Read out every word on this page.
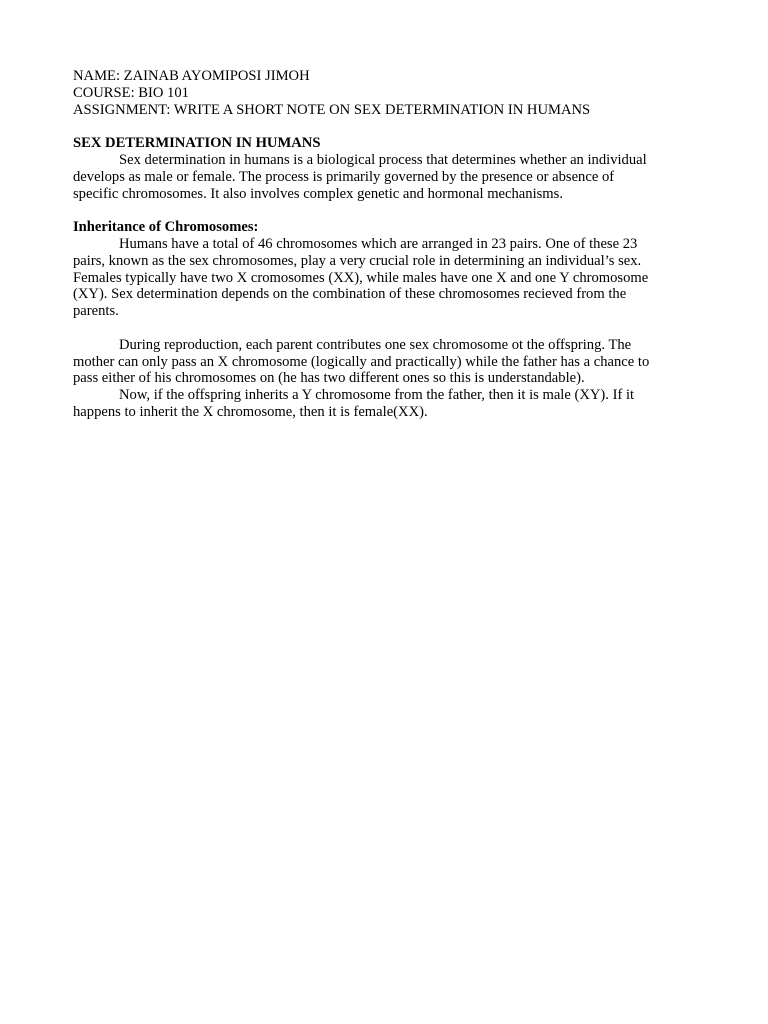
NAME: ZAINAB AYOMIPOSI JIMOH
COURSE: BIO 101
ASSIGNMENT: WRITE A SHORT NOTE ON SEX DETERMINATION IN HUMANS
SEX DETERMINATION IN HUMANS
Sex determination in humans is a biological process that determines whether an individual
develops as male or female. The process is primarily governed by the presence or absence of
specific chromosomes. It also involves complex genetic and hormonal mechanisms.
Inheritance of Chromosomes:
Humans have a total of 46 chromosomes which are arranged in 23 pairs. One of these 23
pairs, known as the sex chromosomes, play a very crucial role in determining an individual’s sex.
Females typically have two X cromosomes (XX), while males have one X and one Y chromosome
(XY). Sex determination depends on the combination of these chromosomes recieved from the
parents.
During reproduction, each parent contributes one sex chromosome ot the offspring. The
mother can only pass an X chromosome (logically and practically) while the father has a chance to
pass either of his chromosomes on (he has two different ones so this is understandable).
Now, if the offspring inherits a Y chromosome from the father, then it is male (XY). If it
happens to inherit the X chromosome, then it is female(XX).
